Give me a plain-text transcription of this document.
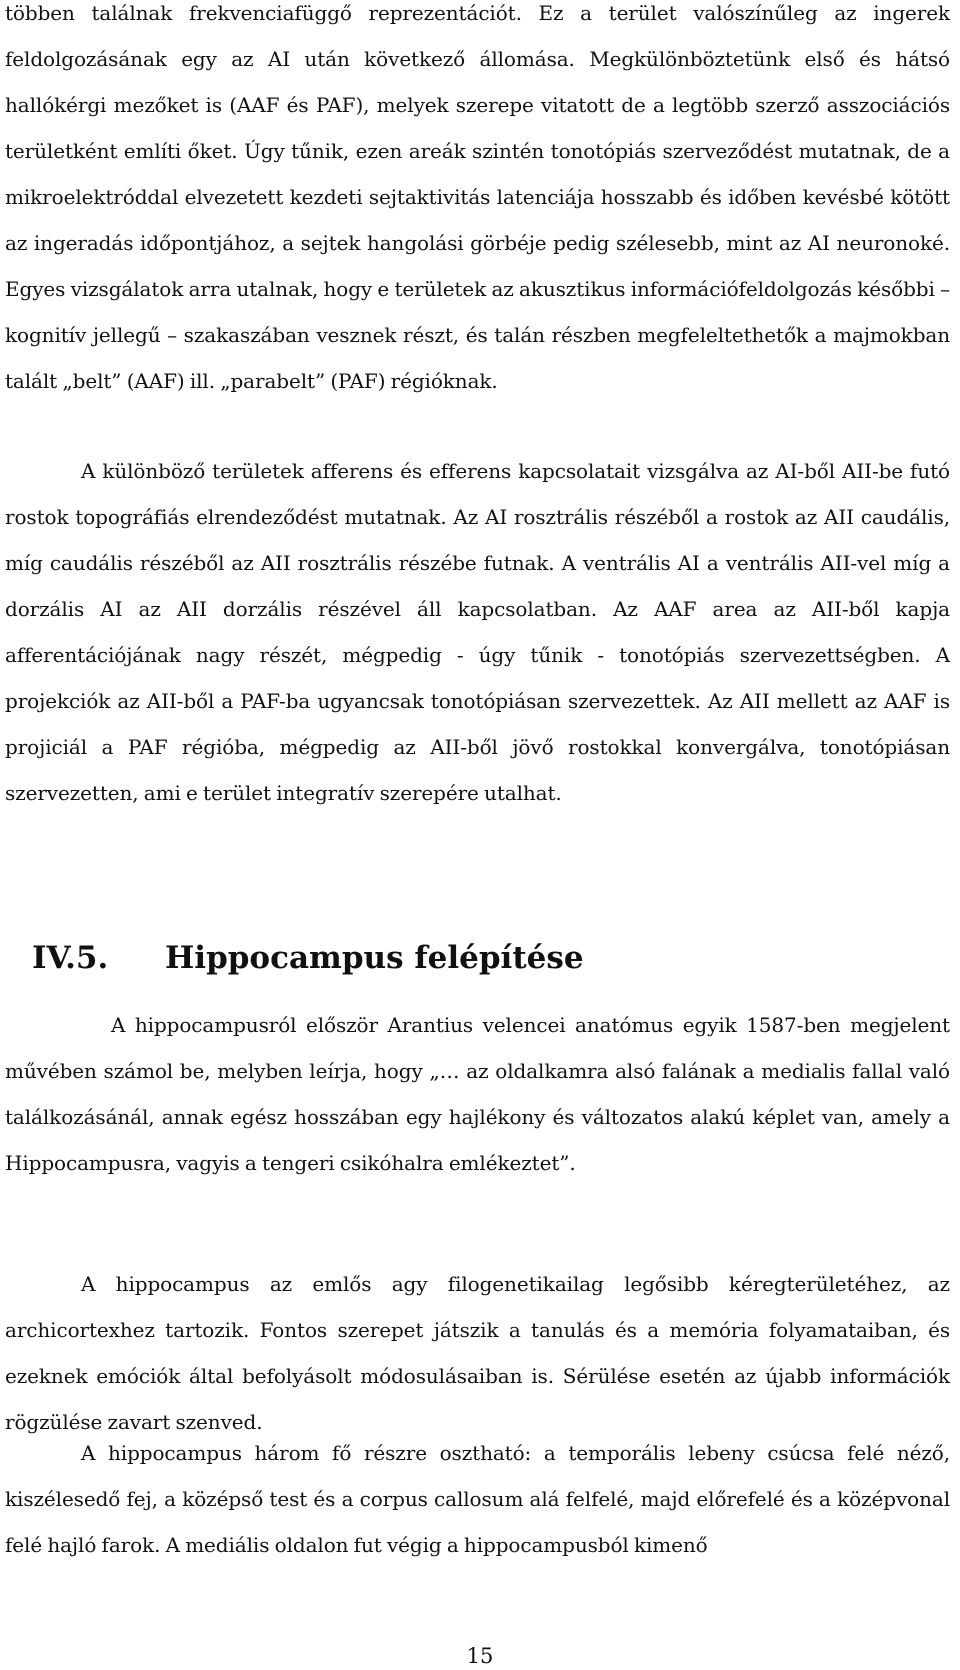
többen találnak frekvenciafüggő reprezentációt. Ez a terület valószínűleg az ingerek feldolgozásának egy az AI után következő állomása. Megkülönböztetünk első és hátsó hallókérgi mezőket is (AAF és PAF), melyek szerepe vitatott de a legtöbb szerző asszociációs területként említi őket. Úgy tűnik, ezen areák szintén tonotópiás szerveződést mutatnak, de a mikroelektróddal elvezetett kezdeti sejtaktivitás latenciája hosszabb és időben kevésbé kötött az ingeradás időpontjához, a sejtek hangolási görbéje pedig szélesebb, mint az AI neuronoké. Egyes vizsgálatok arra utalnak, hogy e területek az akusztikus információfeldolgozás későbbi – kognitív jellegű – szakaszában vesznek részt, és talán részben megfeleltethetők a majmokban talált „belt” (AAF) ill. „parabelt” (PAF) régióknak.

A különböző területek afferens és efferens kapcsolatait vizsgálva az AI-ből AII-be futó rostok topográfiás elrendeződést mutatnak. Az AI rosztrális részéből a rostok az AII caudális, míg caudális részéből az AII rosztrális részébe futnak. A ventrális AI a ventrális AII-vel míg a dorzális AI az AII dorzális részével áll kapcsolatban. Az AAF area az AII-ből kapja afferentációjának nagy részét, mégpedig - úgy tűnik - tonotópiás szervezettségben. A projekciók az AII-ből a PAF-ba ugyancsak tonotópiásan szervezettek. Az AII mellett az AAF is projiciál a PAF régióba, mégpedig az AII-ből jövő rostokkal konvergálva, tonotópiásan szervezetten, ami e terület integratív szerepére utalhat.

IV.5. Hippocampus felépítése

A hippocampusról először Arantius velencei anatómus egyik 1587-ben megjelent művében számol be, melyben leírja, hogy „… az oldalkamra alsó falának a medialis fallal való találkozásánál, annak egész hosszában egy hajlékony és változatos alakú képlet van, amely a Hippocampusra, vagyis a tengeri csikóhalra emlékeztet”.

A hippocampus az emlős agy filogenetikailag legősibb kéregterületéhez, az archicortexhez tartozik. Fontos szerepet játszik a tanulás és a memória folyamataiban, és ezeknek emóciók által befolyásolt módosulásaiban is. Sérülése esetén az újabb információk rögzülése zavart szenved.

A hippocampus három fő részre osztható: a temporális lebeny csúcsa felé néző, kiszélesedő fej, a középső test és a corpus callosum alá felfelé, majd előrefelé és a középvonal felé hajló farok. A mediális oldalon fut végig a hippocampusból kimenő

15
